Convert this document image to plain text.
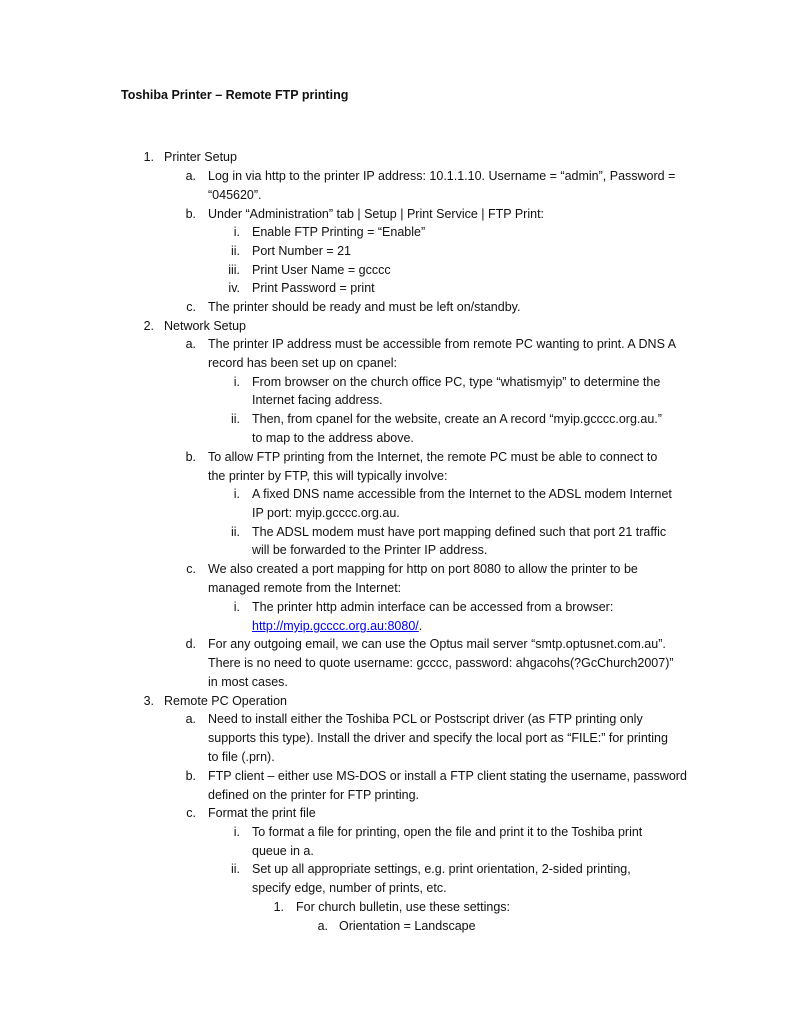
Toshiba Printer – Remote FTP printing
1. Printer Setup
a. Log in via http to the printer IP address: 10.1.1.10. Username = “admin”, Password =
“045620”.
b. Under “Administration” tab | Setup | Print Service | FTP Print:
i. Enable FTP Printing = “Enable”
ii. Port Number = 21
iii. Print User Name = gcccc
iv. Print Password = print
c. The printer should be ready and must be left on/standby.
2. Network Setup
a. The printer IP address must be accessible from remote PC wanting to print. A DNS A
record has been set up on cpanel:
i. From browser on the church office PC, type “whatismyip” to determine the
Internet facing address.
ii. Then, from cpanel for the website, create an A record “myip.gcccc.org.au.”
to map to the address above.
b. To allow FTP printing from the Internet, the remote PC must be able to connect to
the printer by FTP, this will typically involve:
i. A fixed DNS name accessible from the Internet to the ADSL modem Internet
IP port: myip.gcccc.org.au.
ii. The ADSL modem must have port mapping defined such that port 21 traffic
will be forwarded to the Printer IP address.
c. We also created a port mapping for http on port 8080 to allow the printer to be
managed remote from the Internet:
i. The printer http admin interface can be accessed from a browser:
http://myip.gcccc.org.au:8080/.
d. For any outgoing email, we can use the Optus mail server “smtp.optusnet.com.au”.
There is no need to quote username: gcccc, password: ahgacohs(?GcChurch2007)”
in most cases.
3. Remote PC Operation
a. Need to install either the Toshiba PCL or Postscript driver (as FTP printing only
supports this type). Install the driver and specify the local port as “FILE:” for printing
to file (.prn).
b. FTP client – either use MS-DOS or install a FTP client stating the username, password
defined on the printer for FTP printing.
c. Format the print file
i. To format a file for printing, open the file and print it to the Toshiba print
queue in a.
ii. Set up all appropriate settings, e.g. print orientation, 2-sided printing,
specify edge, number of prints, etc.
1. For church bulletin, use these settings:
a. Orientation = Landscape
